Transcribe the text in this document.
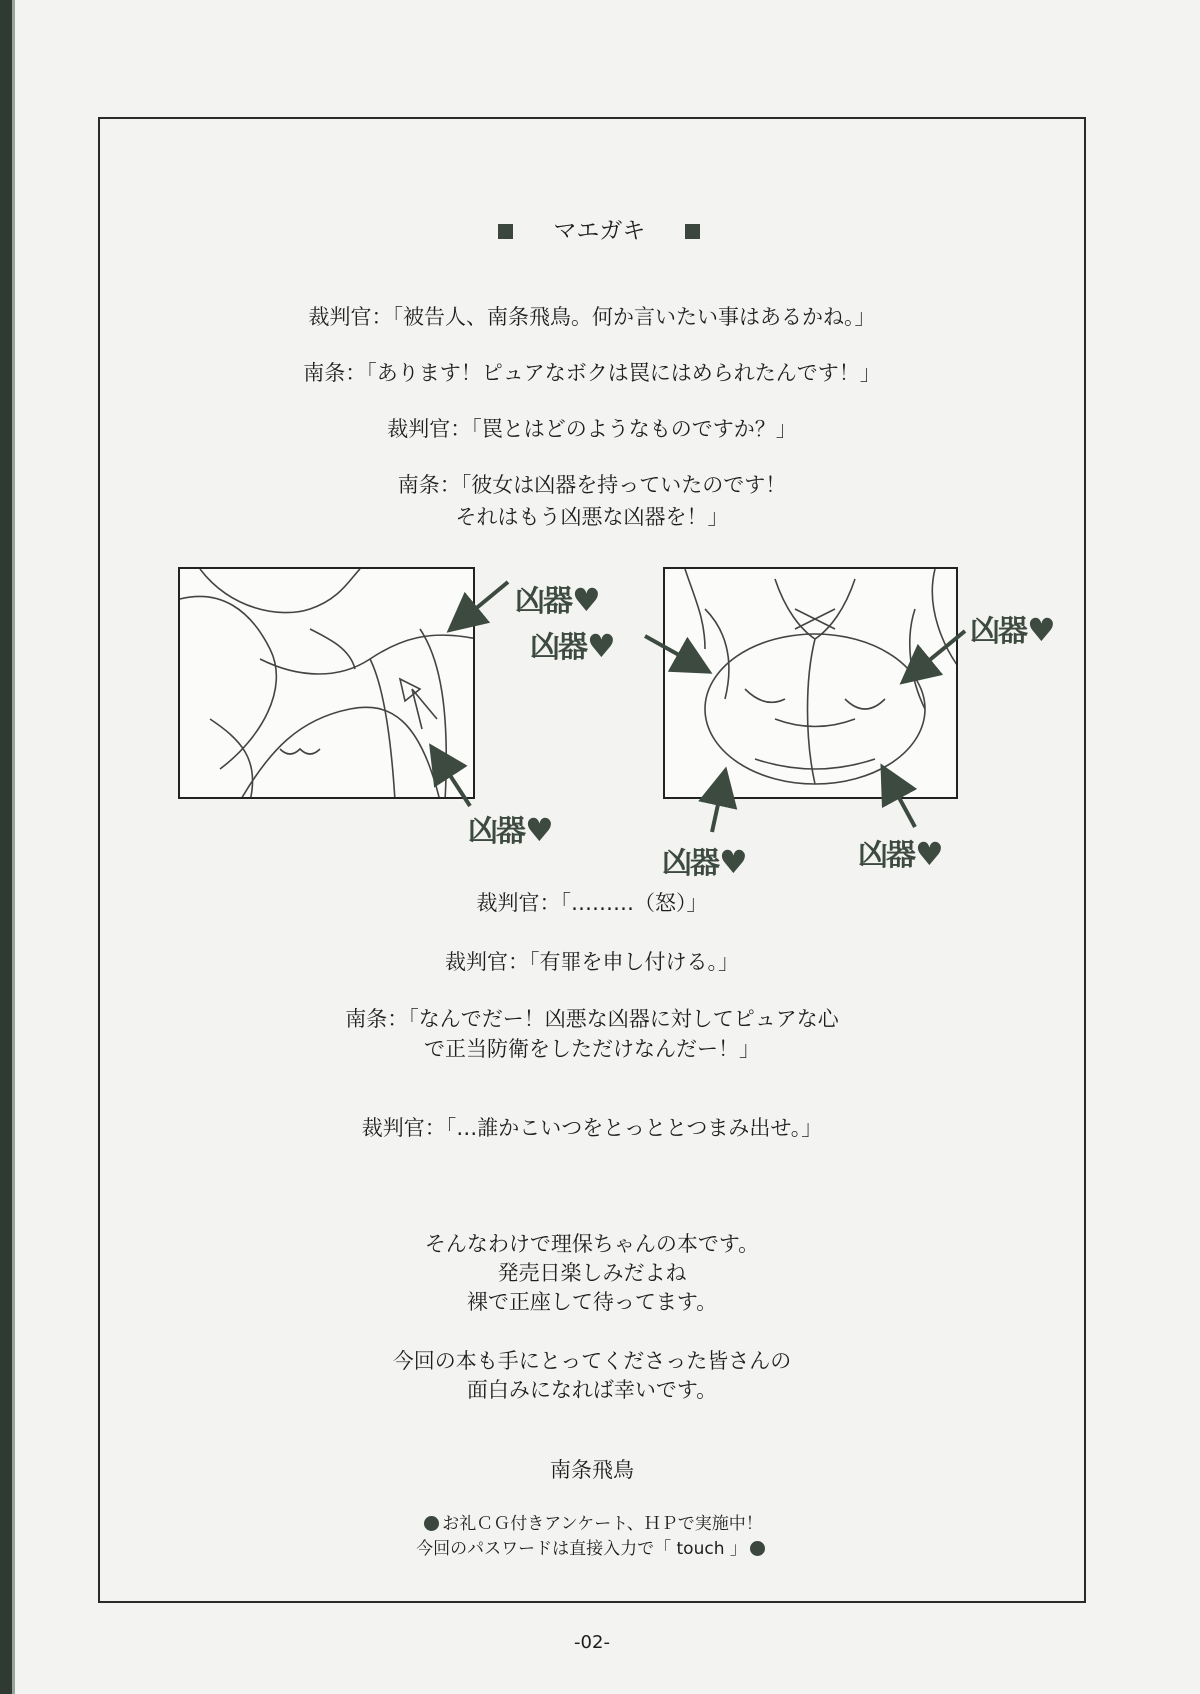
マエガキ

裁判官：「被告人、南条飛鳥。何か言いたい事はあるかね。」
南条：「あります！ピュアなボクは罠にはめられたんです！」
裁判官：「罠とはどのようなものですか？」
南条：「彼女は凶器を持っていたのです！
それはもう凶悪な凶器を！」
凶器♥
凶器♥	凶器♥
凶器♥
凶器♥	凶器♥
裁判官：「………（怒）」
裁判官：「有罪を申し付ける。」
南条：「なんでだー！凶悪な凶器に対してピュアな心
で正当防衛をしただけなんだー！」
裁判官：「…誰かこいつをとっととつまみ出せ。」
そんなわけで理保ちゃんの本です。
発売日楽しみだよね
裸で正座して待ってます。
今回の本も手にとってくださった皆さんの
面白みになれば幸いです。
南条飛鳥
お礼ＣＧ付きアンケート、ＨＰで実施中！
今回のパスワードは直接入力で「 touch 」
-02-
